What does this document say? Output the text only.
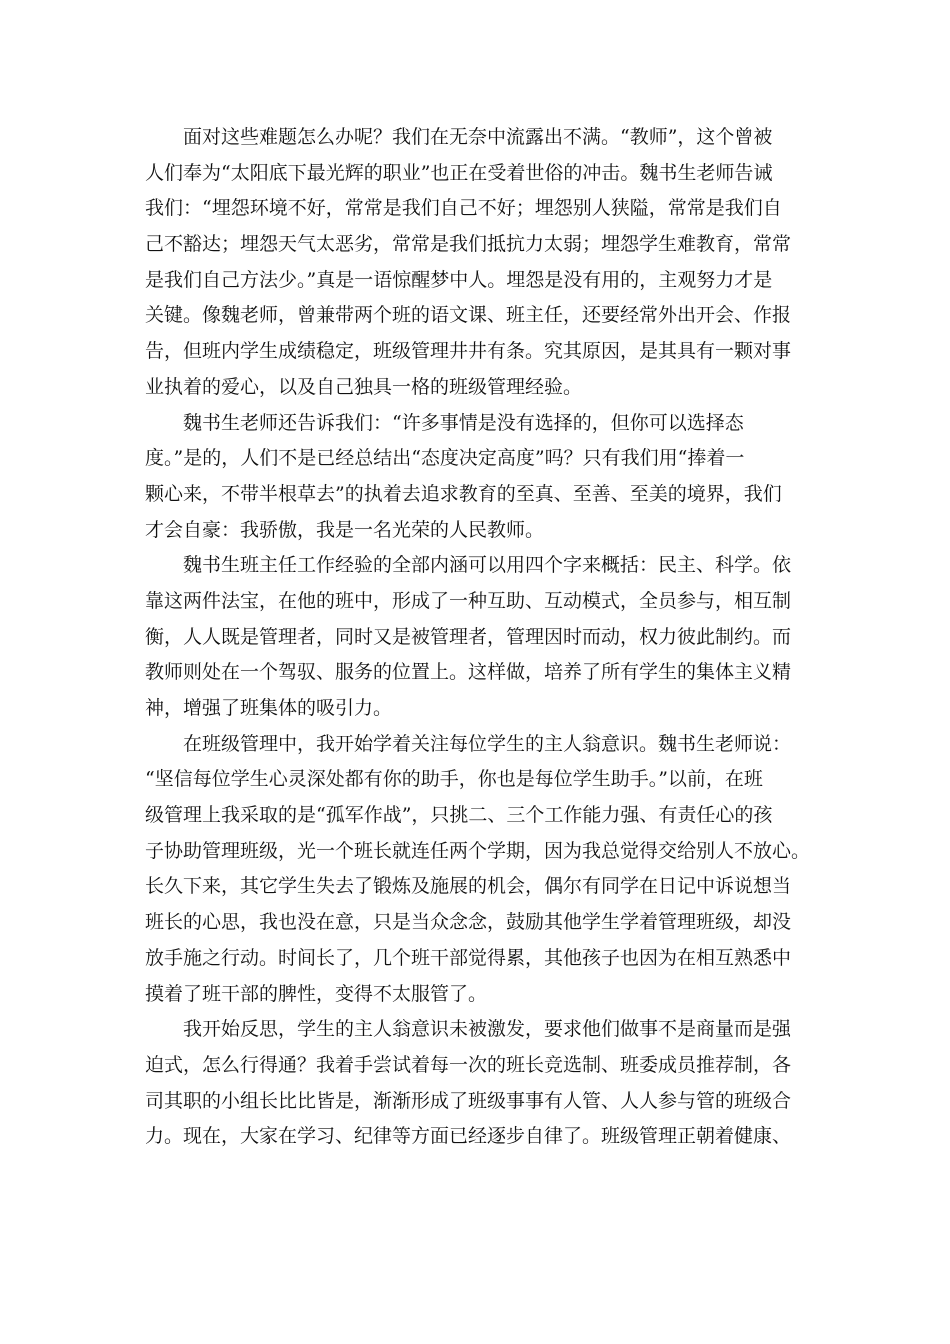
面对这些难题怎么办呢？我们在无奈中流露出不满。“教师”，这个曾被
人们奉为“太阳底下最光辉的职业”也正在受着世俗的冲击。魏书生老师告诫
我们：“埋怨环境不好，常常是我们自己不好；埋怨别人狭隘，常常是我们自
己不豁达；埋怨天气太恶劣，常常是我们抵抗力太弱；埋怨学生难教育，常常
是我们自己方法少。”真是一语惊醒梦中人。埋怨是没有用的，主观努力才是
关键。像魏老师，曾兼带两个班的语文课、班主任，还要经常外出开会、作报
告，但班内学生成绩稳定，班级管理井井有条。究其原因，是其具有一颗对事
业执着的爱心，以及自己独具一格的班级管理经验。
魏书生老师还告诉我们：“许多事情是没有选择的，但你可以选择态
度。”是的，人们不是已经总结出“态度决定高度”吗？只有我们用“捧着一
颗心来，不带半根草去”的执着去追求教育的至真、至善、至美的境界，我们
才会自豪：我骄傲，我是一名光荣的人民教师。
魏书生班主任工作经验的全部内涵可以用四个字来概括：民主、科学。依
靠这两件法宝，在他的班中，形成了一种互助、互动模式，全员参与，相互制
衡，人人既是管理者，同时又是被管理者，管理因时而动，权力彼此制约。而
教师则处在一个驾驭、服务的位置上。这样做，培养了所有学生的集体主义精
神，增强了班集体的吸引力。
在班级管理中，我开始学着关注每位学生的主人翁意识。魏书生老师说：
“坚信每位学生心灵深处都有你的助手，你也是每位学生助手。”以前，在班
级管理上我采取的是“孤军作战”，只挑二、三个工作能力强、有责任心的孩
子协助管理班级，光一个班长就连任两个学期，因为我总觉得交给别人不放心。
长久下来，其它学生失去了锻炼及施展的机会，偶尔有同学在日记中诉说想当
班长的心思，我也没在意，只是当众念念，鼓励其他学生学着管理班级，却没
放手施之行动。时间长了，几个班干部觉得累，其他孩子也因为在相互熟悉中
摸着了班干部的脾性，变得不太服管了。
我开始反思，学生的主人翁意识未被激发，要求他们做事不是商量而是强
迫式，怎么行得通？我着手尝试着每一次的班长竞选制、班委成员推荐制，各
司其职的小组长比比皆是，渐渐形成了班级事事有人管、人人参与管的班级合
力。现在，大家在学习、纪律等方面已经逐步自律了。班级管理正朝着健康、
